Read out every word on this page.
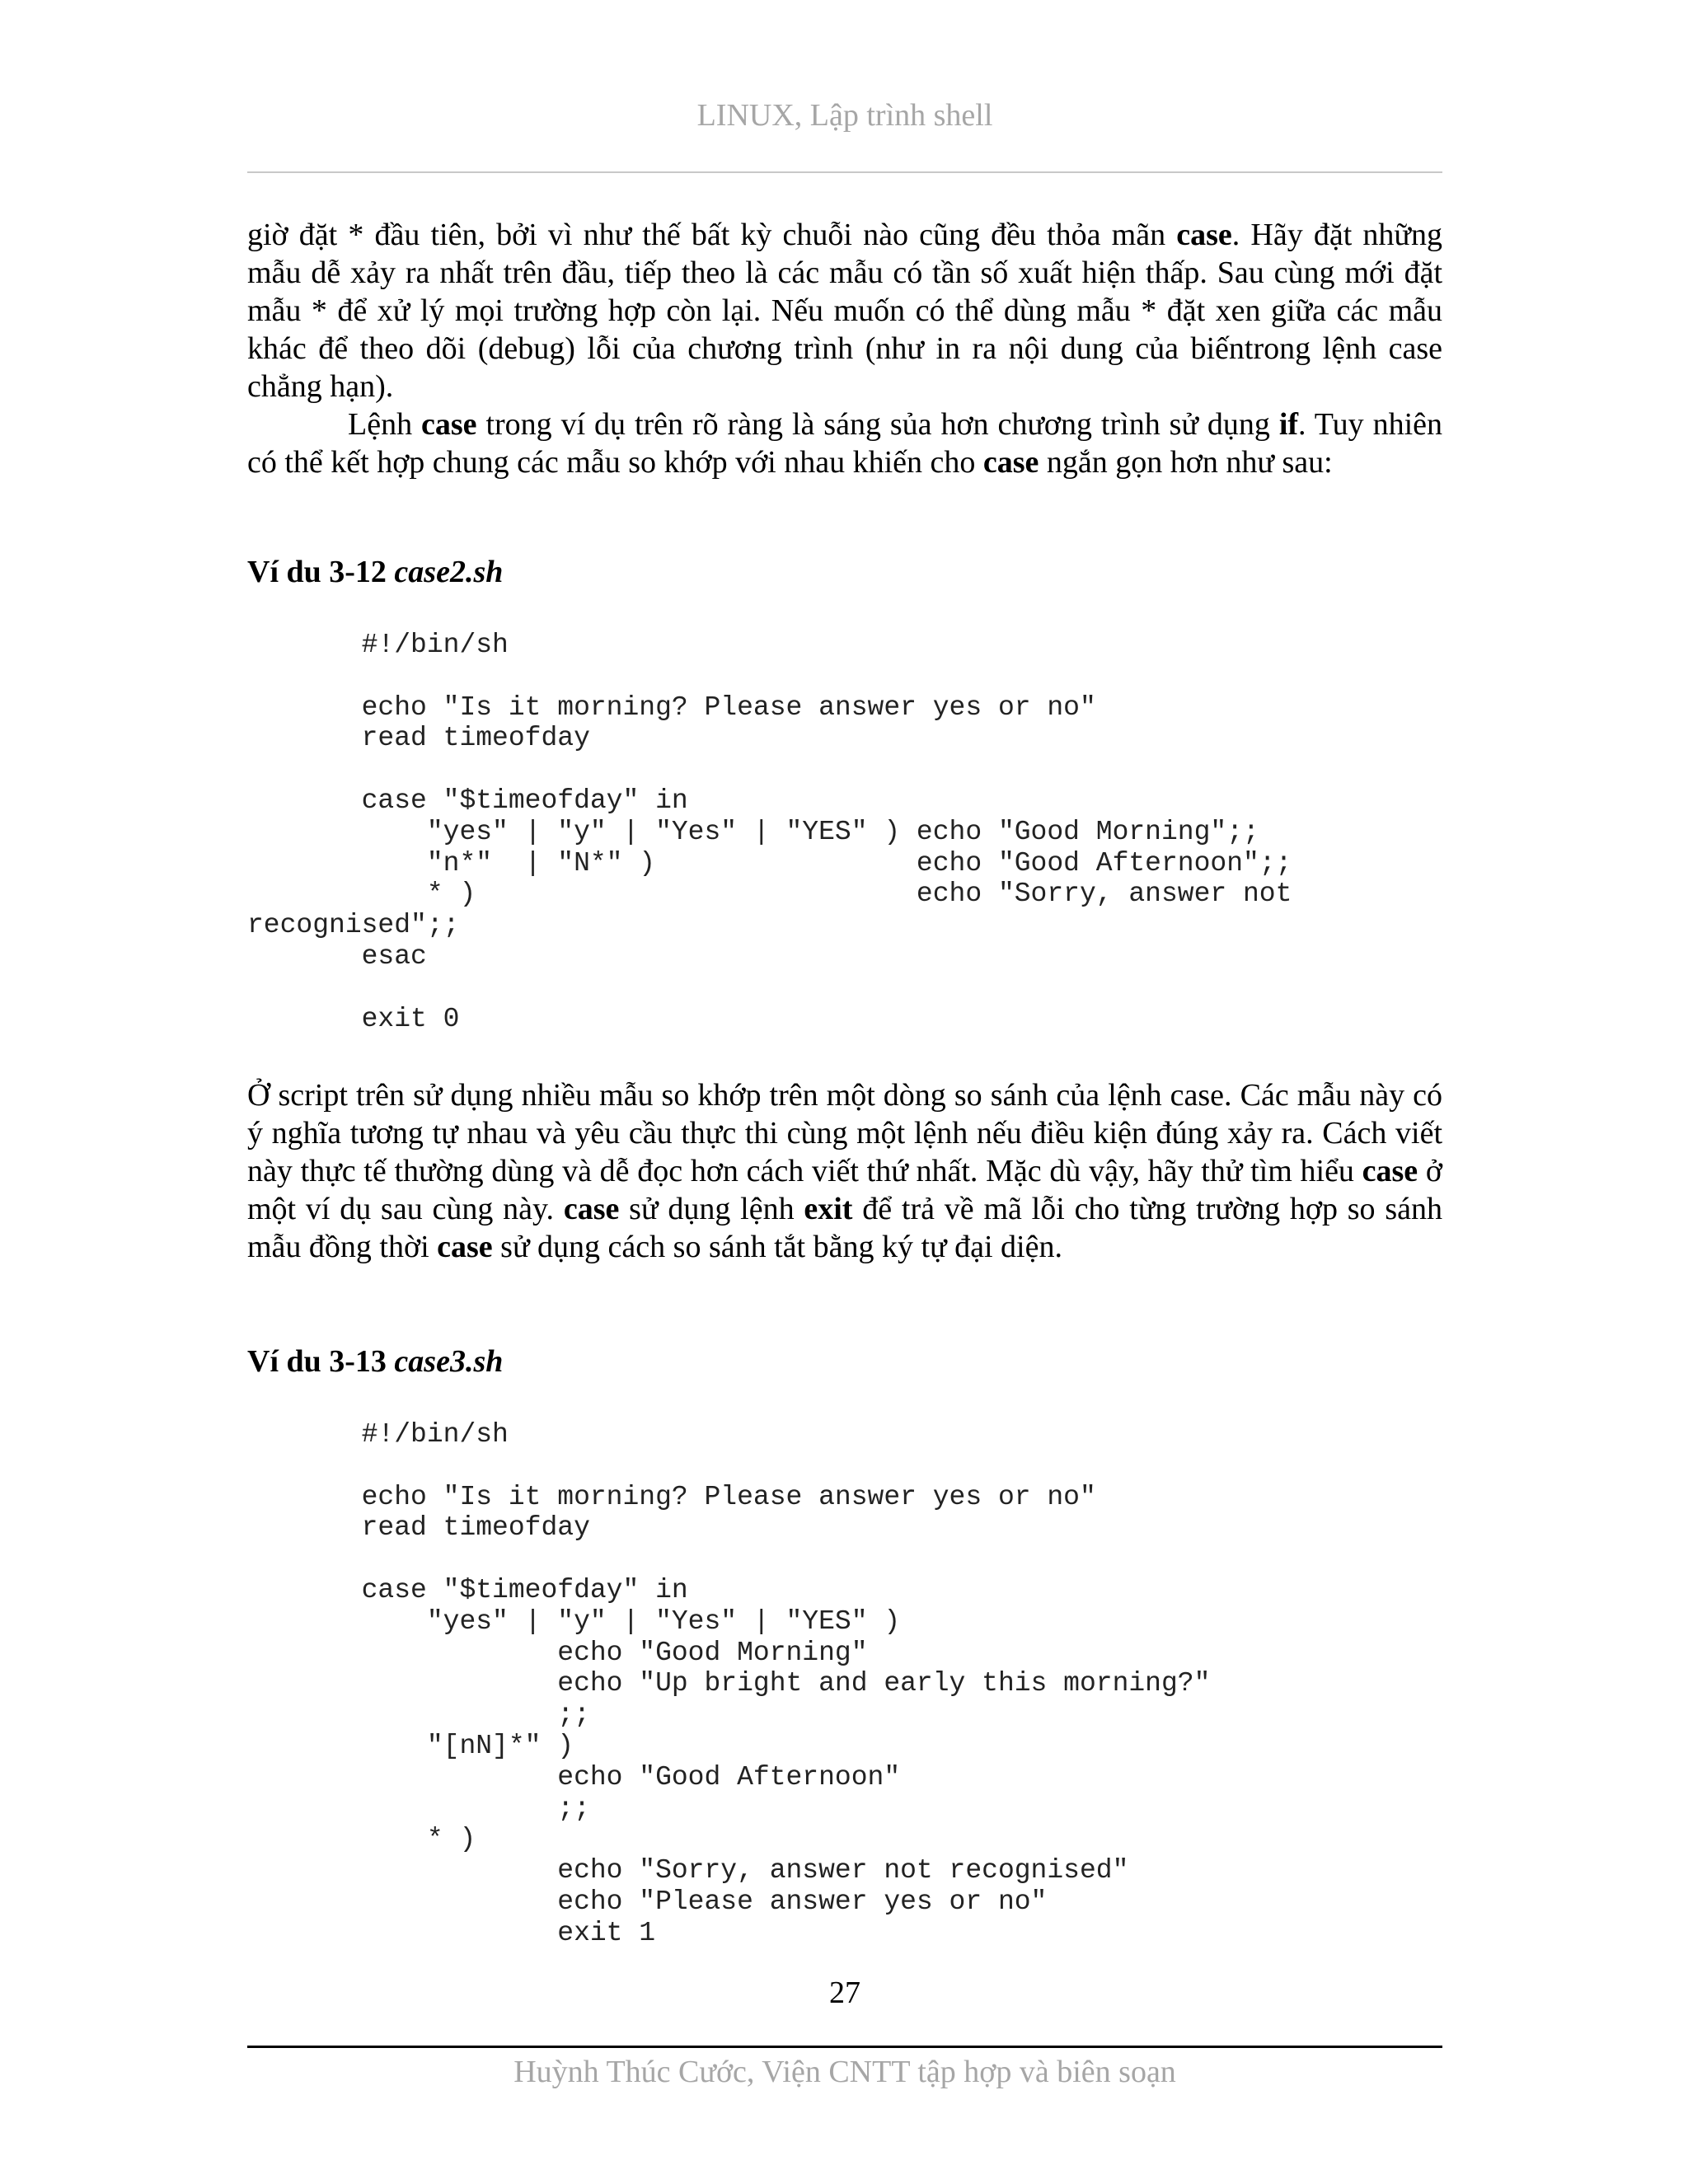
LINUX, Lập trình shell

giờ đặt * đầu tiên, bởi vì như thế bất kỳ chuỗi nào cũng đều thỏa mãn case. Hãy đặt những mẫu dễ xảy ra nhất trên đầu, tiếp theo là các mẫu có tần số xuất hiện thấp. Sau cùng mới đặt mẫu * để xử lý mọi trường hợp còn lại. Nếu muốn có thể dùng mẫu * đặt xen giữa các mẫu khác để theo dõi (debug) lỗi của chương trình (như in ra nội dung của biếntrong lệnh case chẳng hạn).

Lệnh case trong ví dụ trên rõ ràng là sáng sủa hơn chương trình sử dụng if. Tuy nhiên có thể kết hợp chung các mẫu so khớp với nhau khiến cho case ngắn gọn hơn như sau:

Ví du 3-12 case2.sh
#!/bin/sh

echo "Is it morning? Please answer yes or no"
read timeofday

case "$timeofday" in
"yes" | "y" | "Yes" | "YES" ) echo "Good Morning";;
"n*"  | "N*" )                echo "Good Afternoon";;
* )                           echo "Sorry, answer not
recognised";;
esac

exit 0

Ở script trên sử dụng nhiều mẫu so khớp trên một dòng so sánh của lệnh case. Các mẫu này có ý nghĩa tương tự nhau và yêu cầu thực thi cùng một lệnh nếu điều kiện đúng xảy ra. Cách viết này thực tế thường dùng và dễ đọc hơn cách viết thứ nhất. Mặc dù vậy, hãy thử tìm hiểu case ở một ví dụ sau cùng này. case sử dụng lệnh exit để trả về mã lỗi cho từng trường hợp so sánh mẫu đồng thời case sử dụng cách so sánh tắt bằng ký tự đại diện.

Ví du 3-13 case3.sh
#!/bin/sh

echo "Is it morning? Please answer yes or no"
read timeofday

case "$timeofday" in
"yes" | "y" | "Yes" | "YES" )
echo "Good Morning"
echo "Up bright and early this morning?"
;;
"[nN]*" )
echo "Good Afternoon"
;;
* )
echo "Sorry, answer not recognised"
echo "Please answer yes or no"
exit 1
27
Huỳnh Thúc Cước, Viện CNTT tập hợp và biên soạn
